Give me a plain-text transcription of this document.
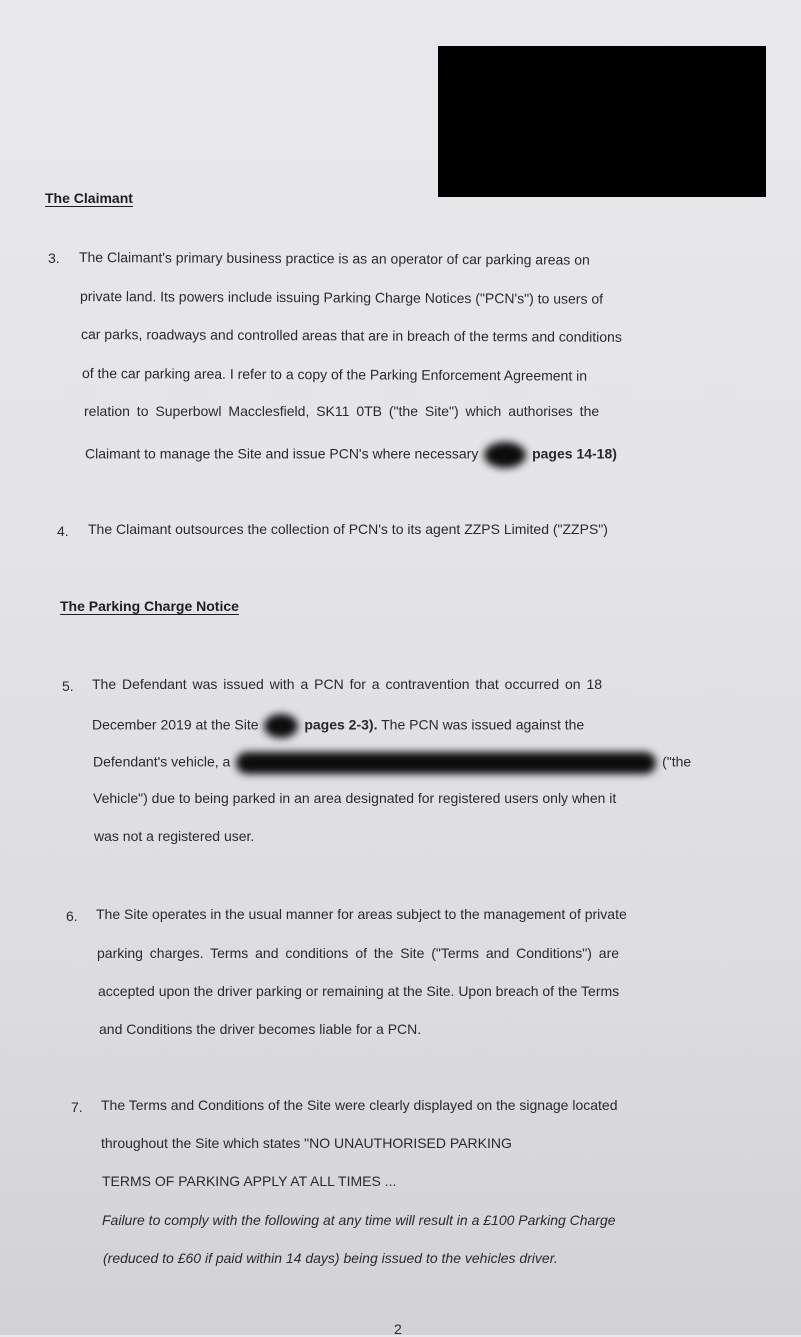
The Claimant
3. The Claimant's primary business practice is as an operator of car parking areas on
private land. Its powers include issuing Parking Charge Notices ("PCN's") to users of
car parks, roadways and controlled areas that are in breach of the terms and conditions
of the car parking area. I refer to a copy of the Parking Enforcement Agreement in
relation to Superbowl Macclesfield, SK11 0TB ("the Site") which authorises the
Claimant to manage the Site and issue PCN's where necessary	pages 14-18)
4. The Claimant outsources the collection of PCN's to its agent ZZPS Limited ("ZZPS")
The Parking Charge Notice
5. The Defendant was issued with a PCN for a contravention that occurred on 18
December 2019 at the Site	pages 2-3). The PCN was issued against the
Defendant's vehicle, a	("the
Vehicle") due to being parked in an area designated for registered users only when it
was not a registered user.
6. The Site operates in the usual manner for areas subject to the management of private
parking charges. Terms and conditions of the Site ("Terms and Conditions") are
accepted upon the driver parking or remaining at the Site. Upon breach of the Terms
and Conditions the driver becomes liable for a PCN.
7. The Terms and Conditions of the Site were clearly displayed on the signage located
throughout the Site which states "NO UNAUTHORISED PARKING
TERMS OF PARKING APPLY AT ALL TIMES ...
Failure to comply with the following at any time will result in a £100 Parking Charge
(reduced to £60 if paid within 14 days) being issued to the vehicles driver.
2
